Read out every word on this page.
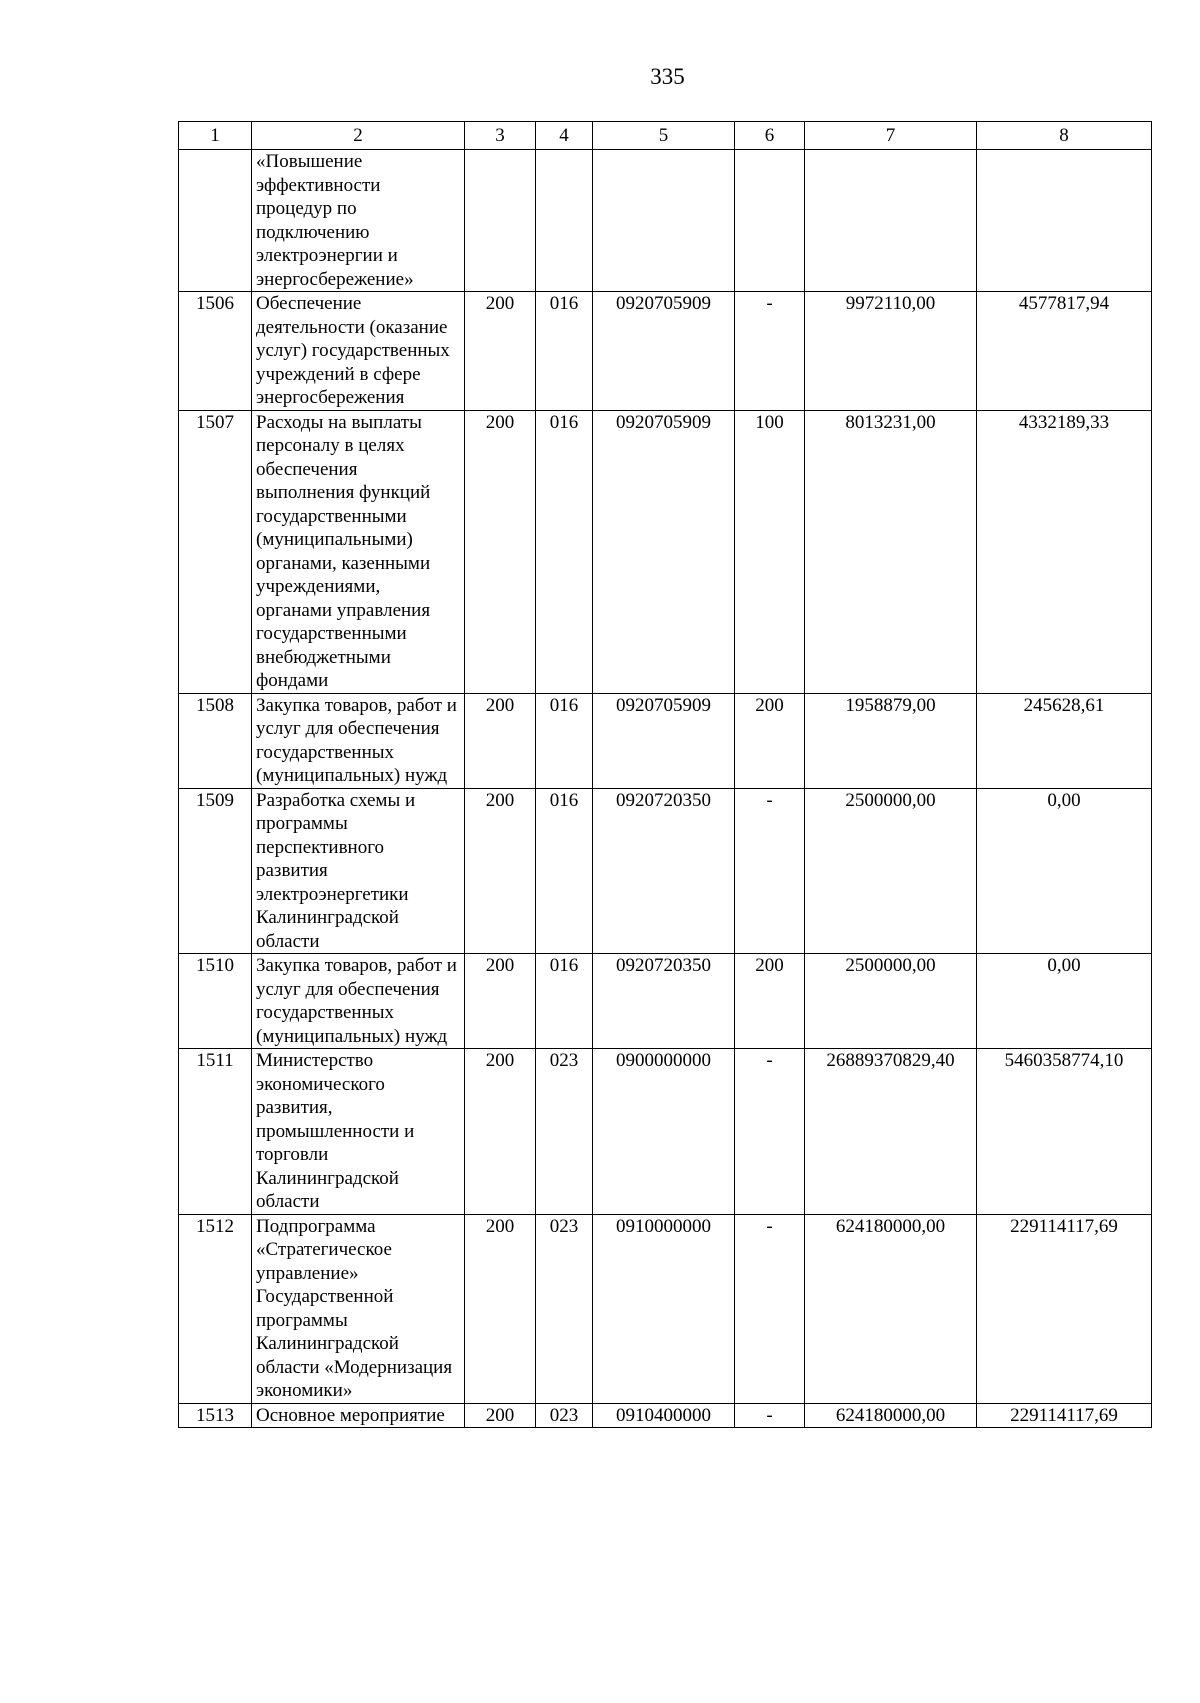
335
1	2	3	4	5	6	7	8
	«Повышение эффективности процедур по подключению электроэнергии и энергосбережение»						
1506	Обеспечение деятельности (оказание услуг) государственных учреждений в сфере энергосбережения	200	016	0920705909	-	9972110,00	4577817,94
1507	Расходы на выплаты персоналу в целях обеспечения выполнения функций государственными (муниципальными) органами, казенными учреждениями, органами управления государственными внебюджетными фондами	200	016	0920705909	100	8013231,00	4332189,33
1508	Закупка товаров, работ и услуг для обеспечения государственных (муниципальных) нужд	200	016	0920705909	200	1958879,00	245628,61
1509	Разработка схемы и программы перспективного развития электроэнергетики Калининградской области	200	016	0920720350	-	2500000,00	0,00
1510	Закупка товаров, работ и услуг для обеспечения государственных (муниципальных) нужд	200	016	0920720350	200	2500000,00	0,00
1511	Министерство экономического развития, промышленности и торговли Калининградской области	200	023	0900000000	-	26889370829,40	5460358774,10
1512	Подпрограмма «Стратегическое управление» Государственной программы Калининградской области «Модернизация экономики»	200	023	0910000000	-	624180000,00	229114117,69
1513	Основное мероприятие	200	023	0910400000	-	624180000,00	229114117,69
